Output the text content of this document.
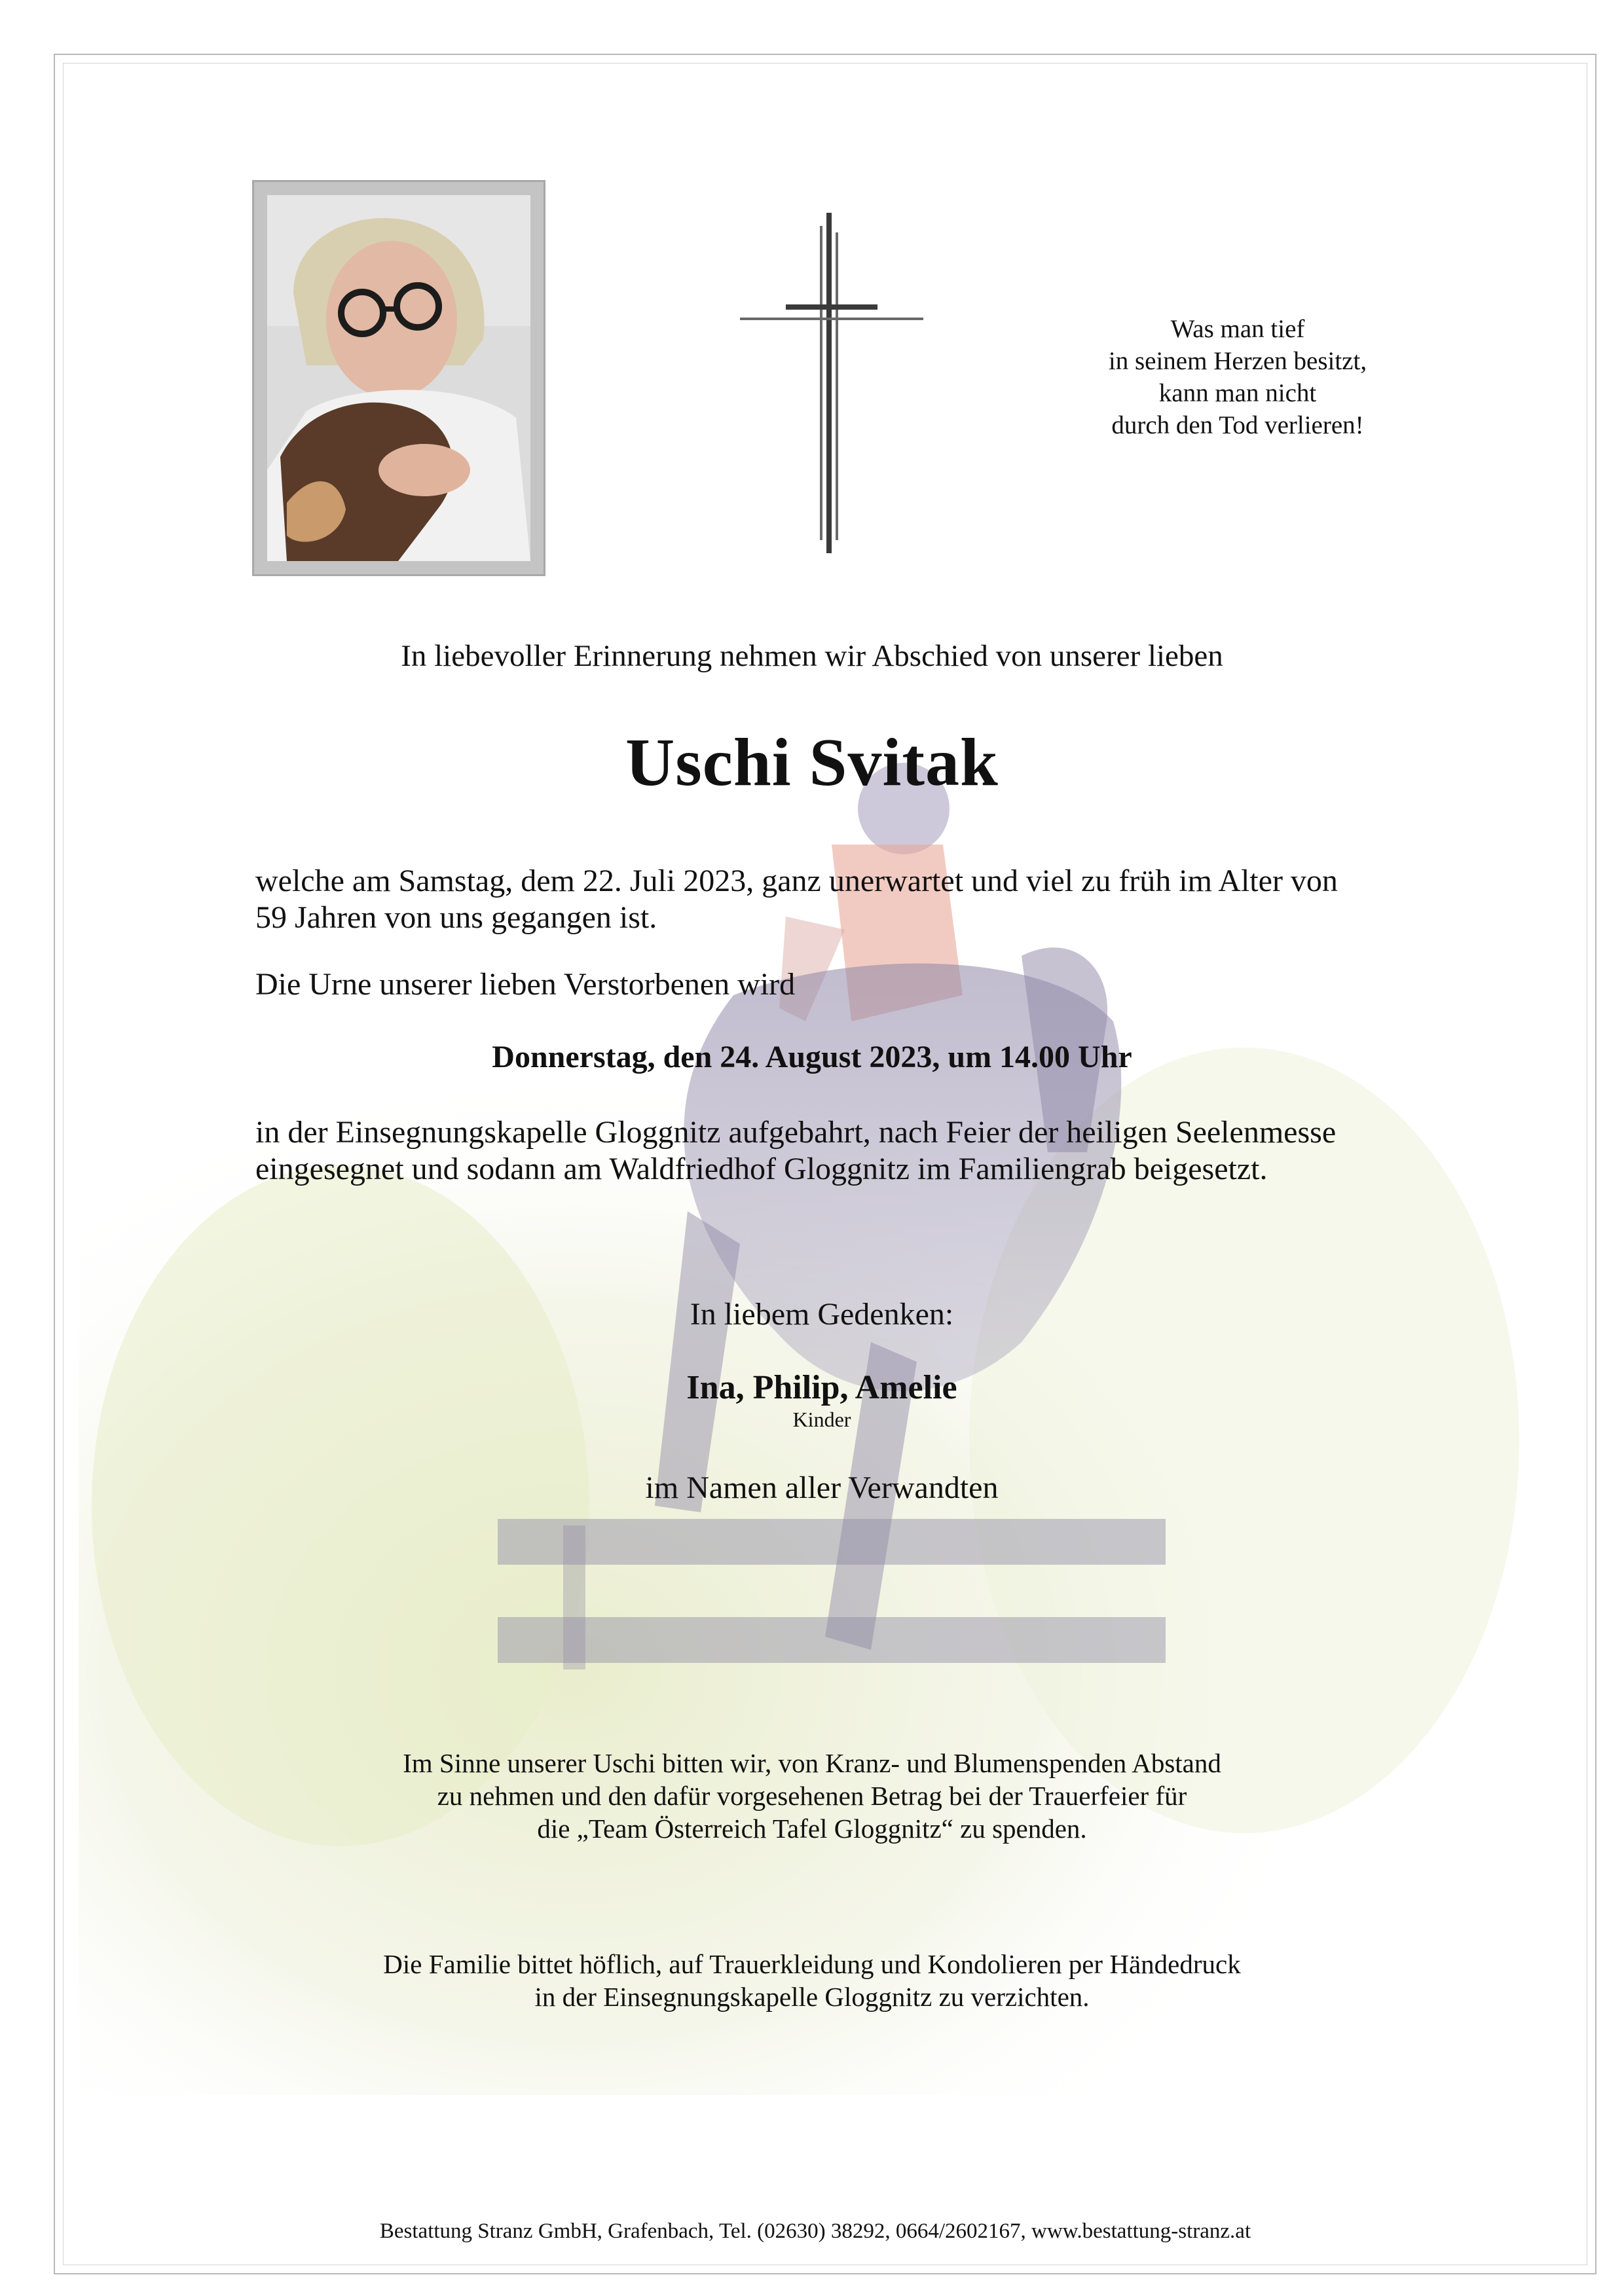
Was man tief
in seinem Herzen besitzt,
kann man nicht
durch den Tod verlieren!
In liebevoller Erinnerung nehmen wir Abschied von unserer lieben
Uschi Svitak
welche am Samstag, dem 22. Juli 2023, ganz unerwartet und viel zu früh im Alter von
59 Jahren von uns gegangen ist.
Die Urne unserer lieben Verstorbenen wird
Donnerstag, den 24. August 2023, um 14.00 Uhr
in der Einsegnungskapelle Gloggnitz aufgebahrt, nach Feier der heiligen Seelenmesse
eingesegnet und sodann am Waldfriedhof Gloggnitz im Familiengrab beigesetzt.
In liebem Gedenken:
Ina, Philip, Amelie
Kinder
im Namen aller Verwandten
Im Sinne unserer Uschi bitten wir, von Kranz- und Blumenspenden Abstand
zu nehmen und den dafür vorgesehenen Betrag bei der Trauerfeier für
die „Team Österreich Tafel Gloggnitz“ zu spenden.
Die Familie bittet höflich, auf Trauerkleidung und Kondolieren per Händedruck
in der Einsegnungskapelle Gloggnitz zu verzichten.
Bestattung Stranz GmbH, Grafenbach, Tel. (02630) 38292, 0664/2602167, www.bestattung-stranz.at
